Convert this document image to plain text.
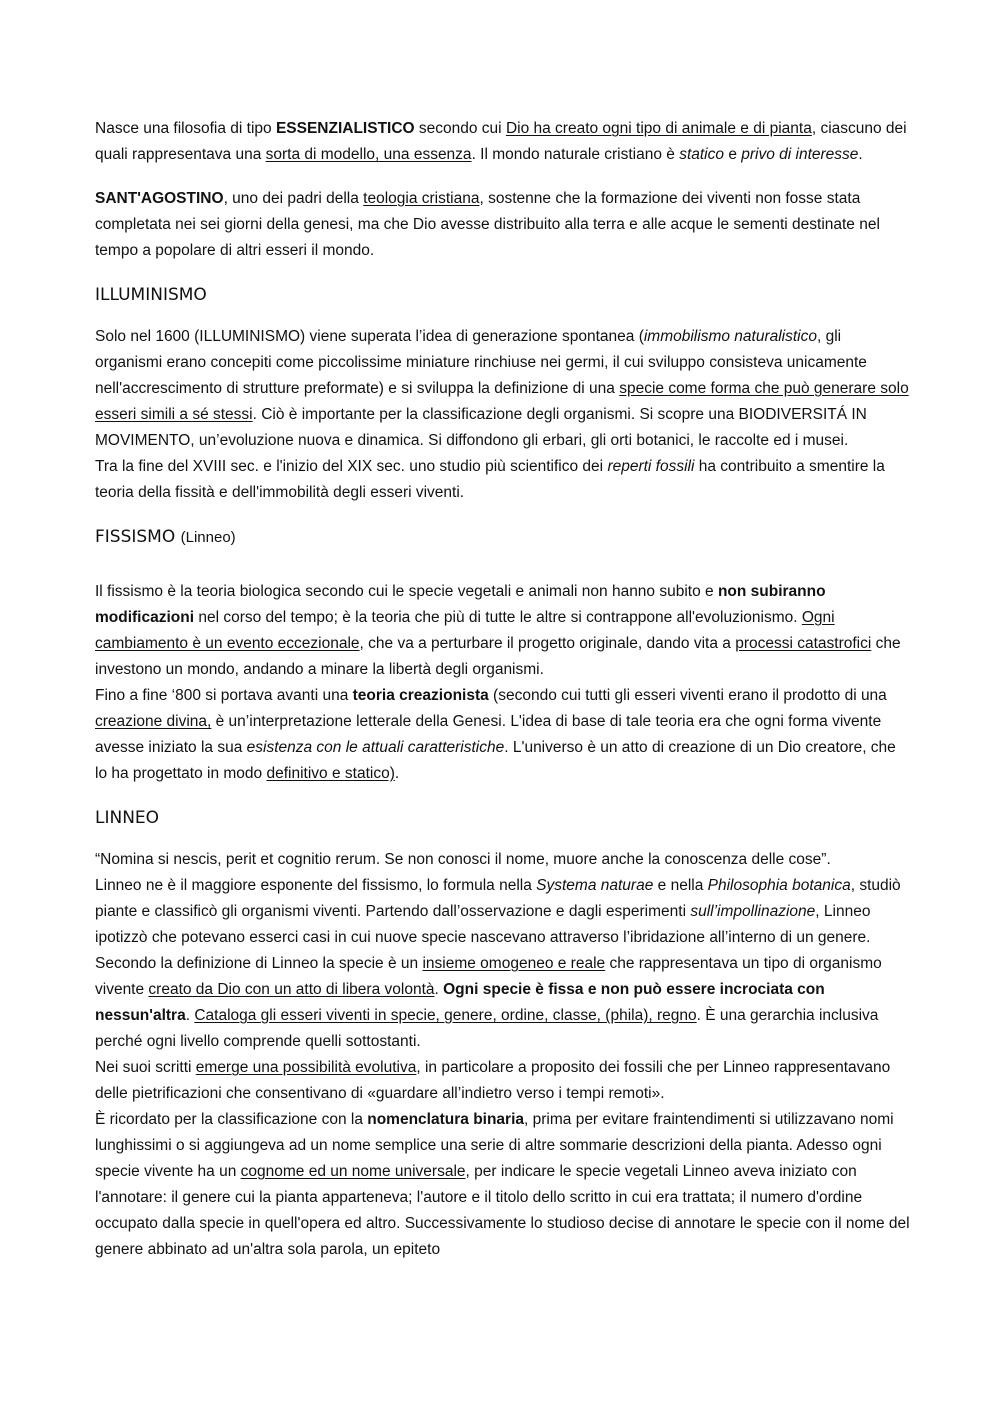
Nasce una filosofia di tipo ESSENZIALISTICO secondo cui Dio ha creato ogni tipo di animale e di pianta, ciascuno dei quali rappresentava una sorta di modello, una essenza. Il mondo naturale cristiano è statico e privo di interesse.

SANT'AGOSTINO, uno dei padri della teologia cristiana, sostenne che la formazione dei viventi non fosse stata completata nei sei giorni della genesi, ma che Dio avesse distribuito alla terra e alle acque le sementi destinate nel tempo a popolare di altri esseri il mondo.

ILLUMINISMO

Solo nel 1600 (ILLUMINISMO) viene superata l’idea di generazione spontanea (immobilismo naturalistico, gli organismi erano concepiti come piccolissime miniature rinchiuse nei germi, il cui sviluppo consisteva unicamente nell'accrescimento di strutture preformate) e si sviluppa la definizione di una specie come forma che può generare solo esseri simili a sé stessi. Ciò è importante per la classificazione degli organismi. Si scopre una BIODIVERSITÁ IN MOVIMENTO, un’evoluzione nuova e dinamica. Si diffondono gli erbari, gli orti botanici, le raccolte ed i musei.

Tra la fine del XVIII sec. e l'inizio del XIX sec. uno studio più scientifico dei reperti fossili ha contribuito a smentire la teoria della fissità e dell'immobilità degli esseri viventi.

FISSISMO (Linneo)

Il fissismo è la teoria biologica secondo cui le specie vegetali e animali non hanno subito e non subiranno modificazioni nel corso del tempo; è la teoria che più di tutte le altre si contrappone all'evoluzionismo. Ogni cambiamento è un evento eccezionale, che va a perturbare il progetto originale, dando vita a processi catastrofici che investono un mondo, andando a minare la libertà degli organismi.

Fino a fine ‘800 si portava avanti una teoria creazionista (secondo cui tutti gli esseri viventi erano il prodotto di una creazione divina, è un’interpretazione letterale della Genesi. L'idea di base di tale teoria era che ogni forma vivente avesse iniziato la sua esistenza con le attuali caratteristiche. L'universo è un atto di creazione di un Dio creatore, che lo ha progettato in modo definitivo e statico).

LINNEO

“Nomina si nescis, perit et cognitio rerum. Se non conosci il nome, muore anche la conoscenza delle cose”.

Linneo ne è il maggiore esponente del fissismo, lo formula nella Systema naturae e nella Philosophia botanica, studiò piante e classificò gli organismi viventi. Partendo dall’osservazione e dagli esperimenti sull’impollinazione, Linneo ipotizzò che potevano esserci casi in cui nuove specie nascevano attraverso l’ibridazione all’interno di un genere. Secondo la definizione di Linneo la specie è un insieme omogeneo e reale che rappresentava un tipo di organismo vivente creato da Dio con un atto di libera volontà. Ogni specie è fissa e non può essere incrociata con nessun'altra. Cataloga gli esseri viventi in specie, genere, ordine, classe, (phila), regno. È una gerarchia inclusiva perché ogni livello comprende quelli sottostanti.

Nei suoi scritti emerge una possibilità evolutiva, in particolare a proposito dei fossili che per Linneo rappresentavano delle pietrificazioni che consentivano di «guardare all’indietro verso i tempi remoti».

È ricordato per la classificazione con la nomenclatura binaria, prima per evitare fraintendimenti si utilizzavano nomi lunghissimi o si aggiungeva ad un nome semplice una serie di altre sommarie descrizioni della pianta. Adesso ogni specie vivente ha un cognome ed un nome universale, per indicare le specie vegetali Linneo aveva iniziato con l'annotare: il genere cui la pianta apparteneva; l'autore e il titolo dello scritto in cui era trattata; il numero d'ordine occupato dalla specie in quell'opera ed altro. Successivamente lo studioso decise di annotare le specie con il nome del genere abbinato ad un'altra sola parola, un epiteto
